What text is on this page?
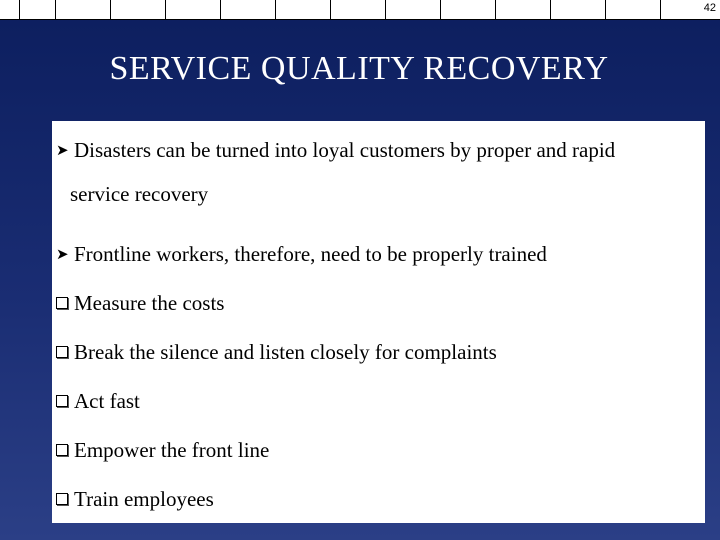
42
SERVICE QUALITY RECOVERY
➤ Disasters can be turned into loyal customers by proper and rapid
service recovery
➤ Frontline workers, therefore, need to be properly trained
Measure the costs
Break the silence and listen closely for complaints
Act fast
Empower the front line
Train employees
